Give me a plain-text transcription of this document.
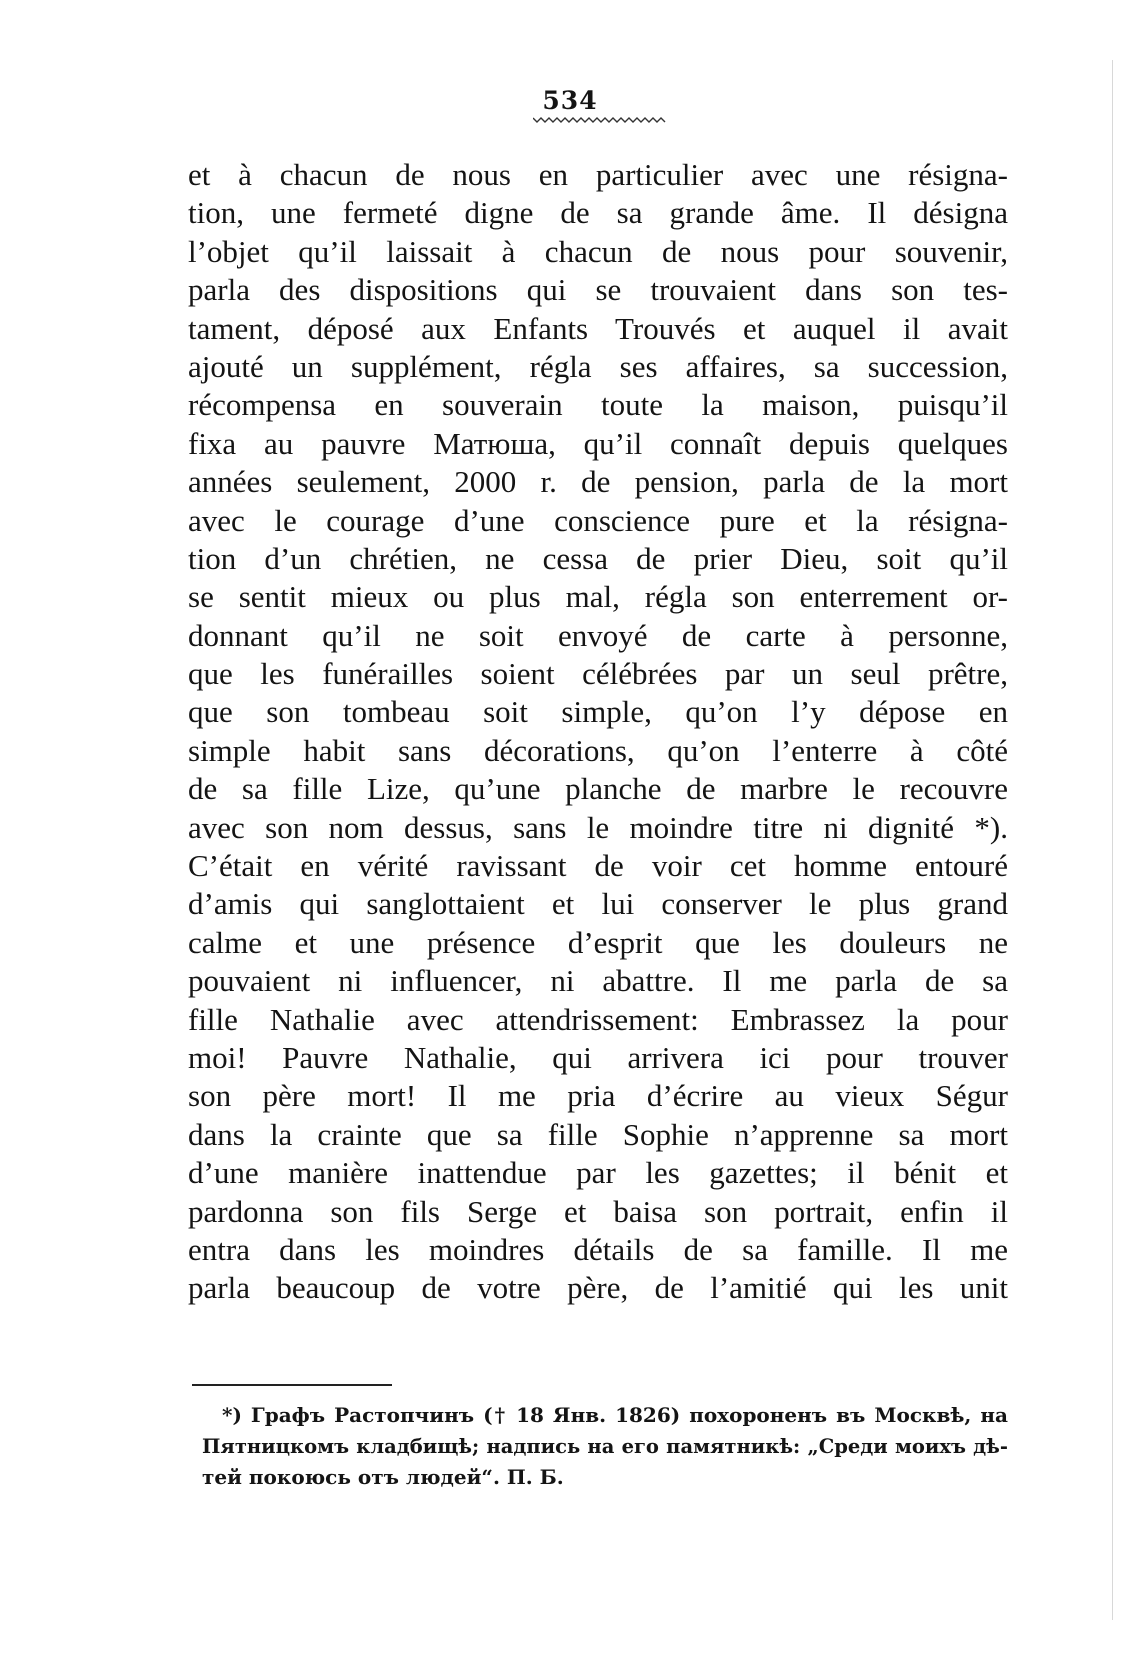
534
et à chacun de nous en particulier avec une résigna-
tion, une fermeté digne de sa grande âme. Il désigna
l’objet qu’il laissait à chacun de nous pour souvenir,
parla des dispositions qui se trouvaient dans son tes-
tament, déposé aux Enfants Trouvés et auquel il avait
ajouté un supplément, régla ses affaires, sa succession,
récompensa en souverain toute la maison, puisqu’il
fixa au pauvre Матюша, qu’il connaît depuis quelques
années seulement, 2000 r. de pension, parla de la mort
avec le courage d’une conscience pure et la résigna-
tion d’un chrétien, ne cessa de prier Dieu, soit qu’il
se sentit mieux ou plus mal, régla son enterrement or-
donnant qu’il ne soit envoyé de carte à personne,
que les funérailles soient célébrées par un seul prêtre,
que son tombeau soit simple, qu’on l’y dépose en
simple habit sans décorations, qu’on l’enterre à côté
de sa fille Lize, qu’une planche de marbre le recouvre
avec son nom dessus, sans le moindre titre ni dignité *).
C’était en vérité ravissant de voir cet homme entouré
d’amis qui sanglottaient et lui conserver le plus grand
calme et une présence d’esprit que les douleurs ne
pouvaient ni influencer, ni abattre. Il me parla de sa
fille Nathalie avec attendrissement: Embrassez la pour
moi! Pauvre Nathalie, qui arrivera ici pour trouver
son père mort! Il me pria d’écrire au vieux Ségur
dans la crainte que sa fille Sophie n’apprenne sa mort
d’une manière inattendue par les gazettes; il bénit et
pardonna son fils Serge et baisa son portrait, enfin il
entra dans les moindres détails de sa famille. Il me
parla beaucoup de votre père, de l’amitié qui les unit
*) Графъ Растопчинъ († 18 Янв. 1826) похороненъ въ Москвѣ, на
Пятницкомъ кладбищѣ; надпись на его памятникѣ: „Среди моихъ дѣ-
тей покоюсь отъ людей“. П. Б.
